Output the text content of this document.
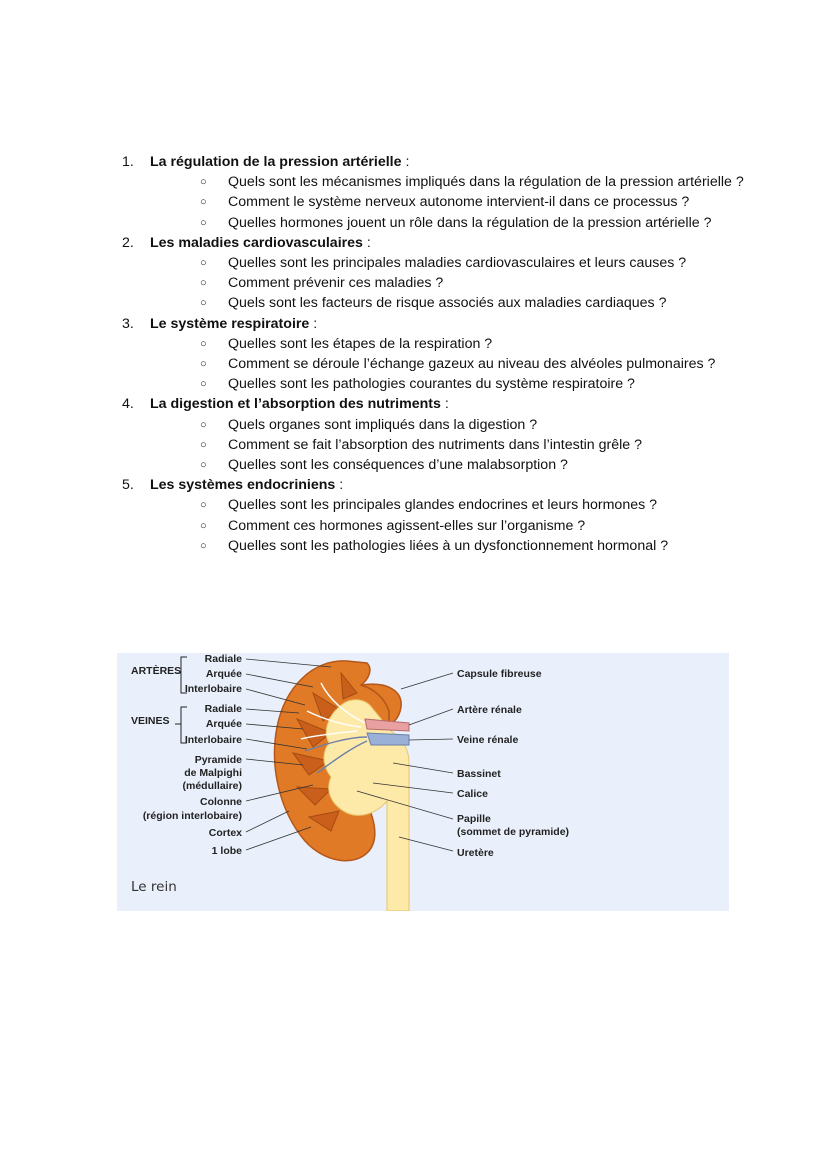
1. La régulation de la pression artérielle :
○ Quels sont les mécanismes impliqués dans la régulation de la pression artérielle ?
○ Comment le système nerveux autonome intervient-il dans ce processus ?
○ Quelles hormones jouent un rôle dans la régulation de la pression artérielle ?
2. Les maladies cardiovasculaires :
○ Quelles sont les principales maladies cardiovasculaires et leurs causes ?
○ Comment prévenir ces maladies ?
○ Quels sont les facteurs de risque associés aux maladies cardiaques ?
3. Le système respiratoire :
○ Quelles sont les étapes de la respiration ?
○ Comment se déroule l’échange gazeux au niveau des alvéoles pulmonaires ?
○ Quelles sont les pathologies courantes du système respiratoire ?
4. La digestion et l’absorption des nutriments :
○ Quels organes sont impliqués dans la digestion ?
○ Comment se fait l’absorption des nutriments dans l’intestin grêle ?
○ Quelles sont les conséquences d’une malabsorption ?
5. Les systèmes endocriniens :
○ Quelles sont les principales glandes endocrines et leurs hormones ?
○ Comment ces hormones agissent-elles sur l’organisme ?
○ Quelles sont les pathologies liées à un dysfonctionnement hormonal ?
ARTÈRES
VEINES
Radiale
Arquée
Interlobaire
Radiale
Arquée
Interlobaire
Pyramide
de Malpighi
(médullaire)
Colonne
(région interlobaire)
Cortex
1 lobe
Capsule fibreuse
Artère rénale
Veine rénale
Bassinet
Calice
Papille
(sommet de pyramide)
Uretère
Le rein
